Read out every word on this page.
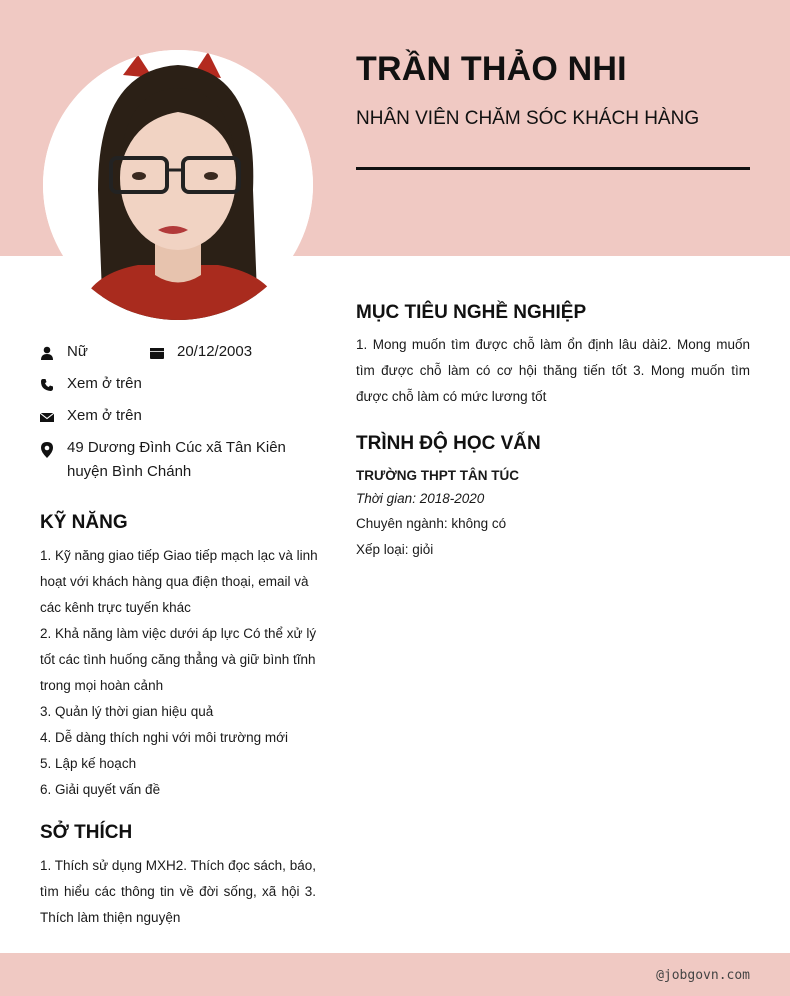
TRẦN THẢO NHI
NHÂN VIÊN CHĂM SÓC KHÁCH HÀNG
Nữ	20/12/2003
Xem ở trên
Xem ở trên
49 Dương Đình Cúc xã Tân Kiên huyện Bình Chánh
KỸ NĂNG
1. Kỹ năng giao tiếp Giao tiếp mạch lạc và linh hoạt với khách hàng qua điện thoại, email và các kênh trực tuyến khác
2. Khả năng làm việc dưới áp lực Có thể xử lý tốt các tình huống căng thẳng và giữ bình tĩnh trong mọi hoàn cảnh
3. Quản lý thời gian hiệu quả
4. Dễ dàng thích nghi với môi trường mới
5. Lập kế hoạch
6. Giải quyết vấn đề
SỞ THÍCH
1. Thích sử dụng MXH2. Thích đọc sách, báo, tìm hiểu các thông tin về đời sống, xã hội 3. Thích làm thiện nguyện
MỤC TIÊU NGHỀ NGHIỆP
1. Mong muốn tìm được chỗ làm ổn định lâu dài2. Mong muốn tìm được chỗ làm có cơ hội thăng tiến tốt 3. Mong muốn tìm được chỗ làm có mức lương tốt
TRÌNH ĐỘ HỌC VẤN
TRƯỜNG THPT TÂN TÚC
Thời gian: 2018-2020
Chuyên ngành: không có
Xếp loại: giỏi
@jobgovn.com
